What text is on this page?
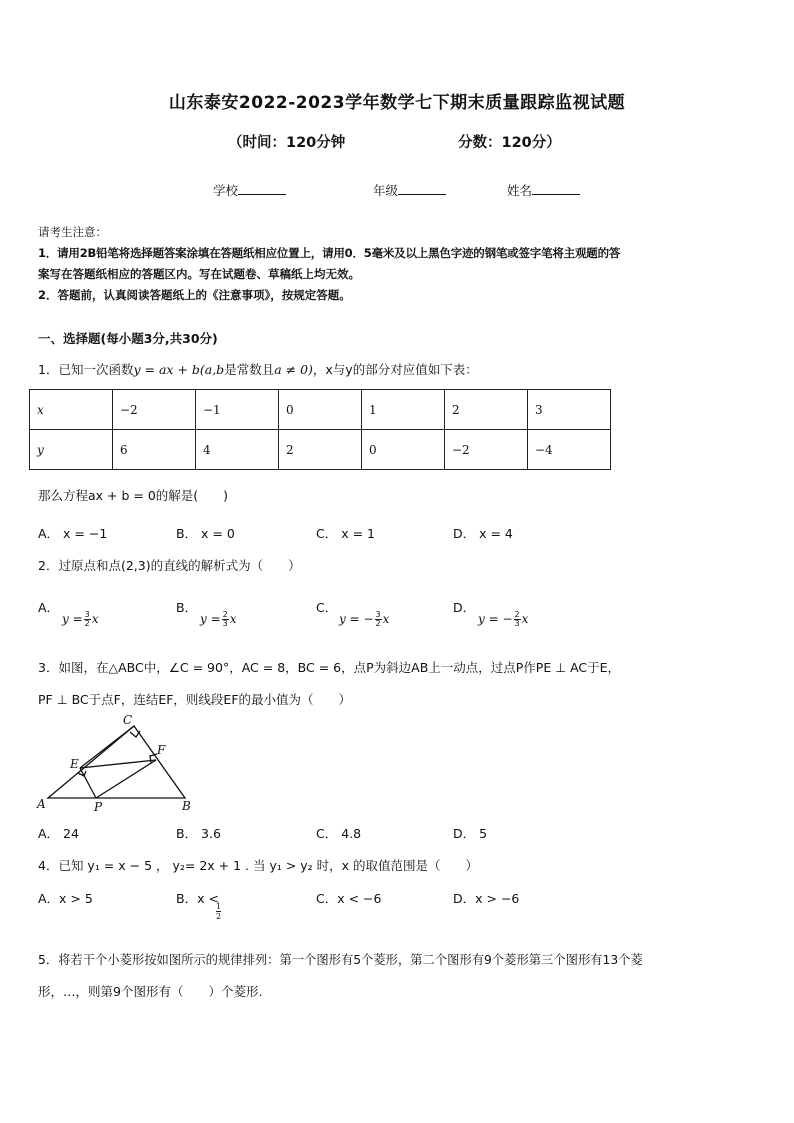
山东泰安2022-2023学年数学七下期末质量跟踪监视试题
（时间：120分钟	分数：120分）
学校	年级	姓名
请考生注意：
1．请用2B铅笔将选择题答案涂填在答题纸相应位置上，请用0．5毫米及以上黑色字迹的钢笔或签字笔将主观题的答
案写在答题纸相应的答题区内。写在试题卷、草稿纸上均无效。
2．答题前，认真阅读答题纸上的《注意事项》，按规定答题。
一、选择题(每小题3分,共30分)
1．已知一次函数y = ax + b(a,b是常数且a ≠ 0)，x与y的部分对应值如下表：
x	−2	−1	0	1	2	3
y	6	4	2	0	−2	−4
那么方程ax + b = 0的解是(　　)
A． x = −1	B． x = 0	C． x = 1	D． x = 4
2．过原点和点(2,3)的直线的解析式为（　　）
A．
$y = \frac{3}{2}$ x
B．
$y = \frac{2}{3}$ x
C．
y = − $\frac{3}{2}$ x
D．
y = − $\frac{2}{3}$ x
3．如图，在△ABC中，∠C = 90°，AC = 8，BC = 6，点P为斜边AB上一动点，过点P作PE ⊥ AC于E，
PF ⊥ BC于点F，连结EF，则线段EF的最小值为（　　）
C
F
E
A	P	B
A． 24	B． 3.6	C． 4.8	D． 5
4．已知 y₁ = x − 5 ， y₂= 2x + 1 . 当 y₁ > y₂ 时，x 的取值范围是（　　）
A．x > 5	B．x <
1
2
C．x < −6	D．x > −6
5．将若干个小菱形按如图所示的规律排列：第一个图形有5个菱形，第二个图形有9个菱形第三个图形有13个菱
形，…，则第9个图形有（　　）个菱形.
